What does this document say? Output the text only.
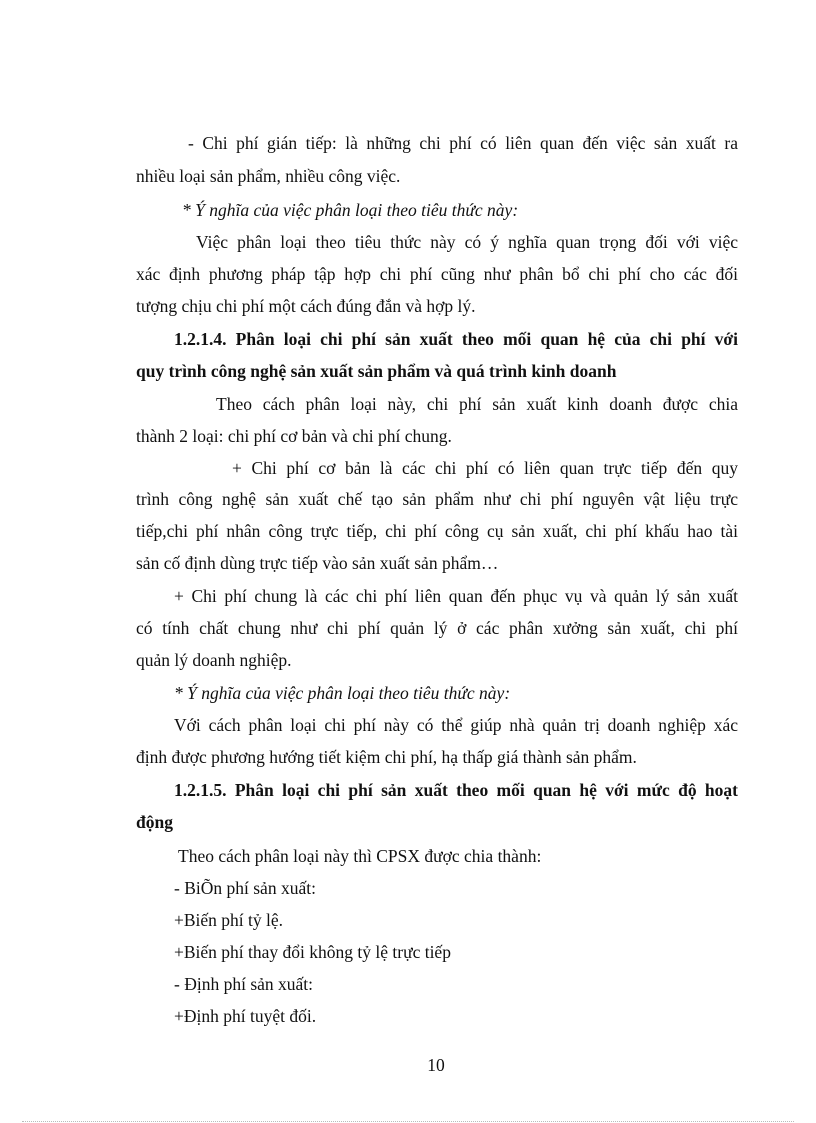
- Chi phí gián tiếp: là những chi phí có liên quan đến việc sản xuất ra
nhiều loại sản phẩm, nhiều công việc.
* Ý nghĩa của việc phân loại theo tiêu thức này:
Việc phân loại theo tiêu thức này có ý nghĩa quan trọng đối với việc
xác định phương pháp tập hợp chi phí cũng như phân bổ chi phí cho các đối
tượng chịu chi phí một cách đúng đắn và hợp lý.
1.2.1.4. Phân loại chi phí sản xuất theo mối quan hệ của chi phí với
quy trình công nghệ sản xuất sản phẩm và quá trình kinh doanh
Theo cách phân loại này, chi phí sản xuất kinh doanh được chia
thành 2 loại: chi phí cơ bản và chi phí chung.
+ Chi phí cơ bản là các chi phí có liên quan trực tiếp đến quy
trình công nghệ sản xuất chế tạo sản phẩm như chi phí nguyên vật liệu trực
tiếp,chi phí nhân công trực tiếp, chi phí công cụ sản xuất, chi phí khấu hao tài
sản cố định dùng trực tiếp vào sản xuất sản phẩm…
+ Chi phí chung là các chi phí liên quan đến phục vụ và quản lý sản xuất
có tính chất chung như chi phí quản lý ở các phân xưởng sản xuất, chi phí
quản lý doanh nghiệp.
* Ý nghĩa của việc phân loại theo tiêu thức này:
Với cách phân loại chi phí này có thể giúp nhà quản trị doanh nghiệp xác
định được phương hướng tiết kiệm chi phí, hạ thấp giá thành sản phẩm.
1.2.1.5. Phân loại chi phí sản xuất theo mối quan hệ với mức độ hoạt
động
Theo cách phân loại này thì CPSX được chia thành:
- BiÕn phí sản xuất:
+Biến phí tỷ lệ.
+Biến phí thay đổi không tỷ lệ trực tiếp
- Định phí sản xuất:
+Định phí tuyệt đối.
10
